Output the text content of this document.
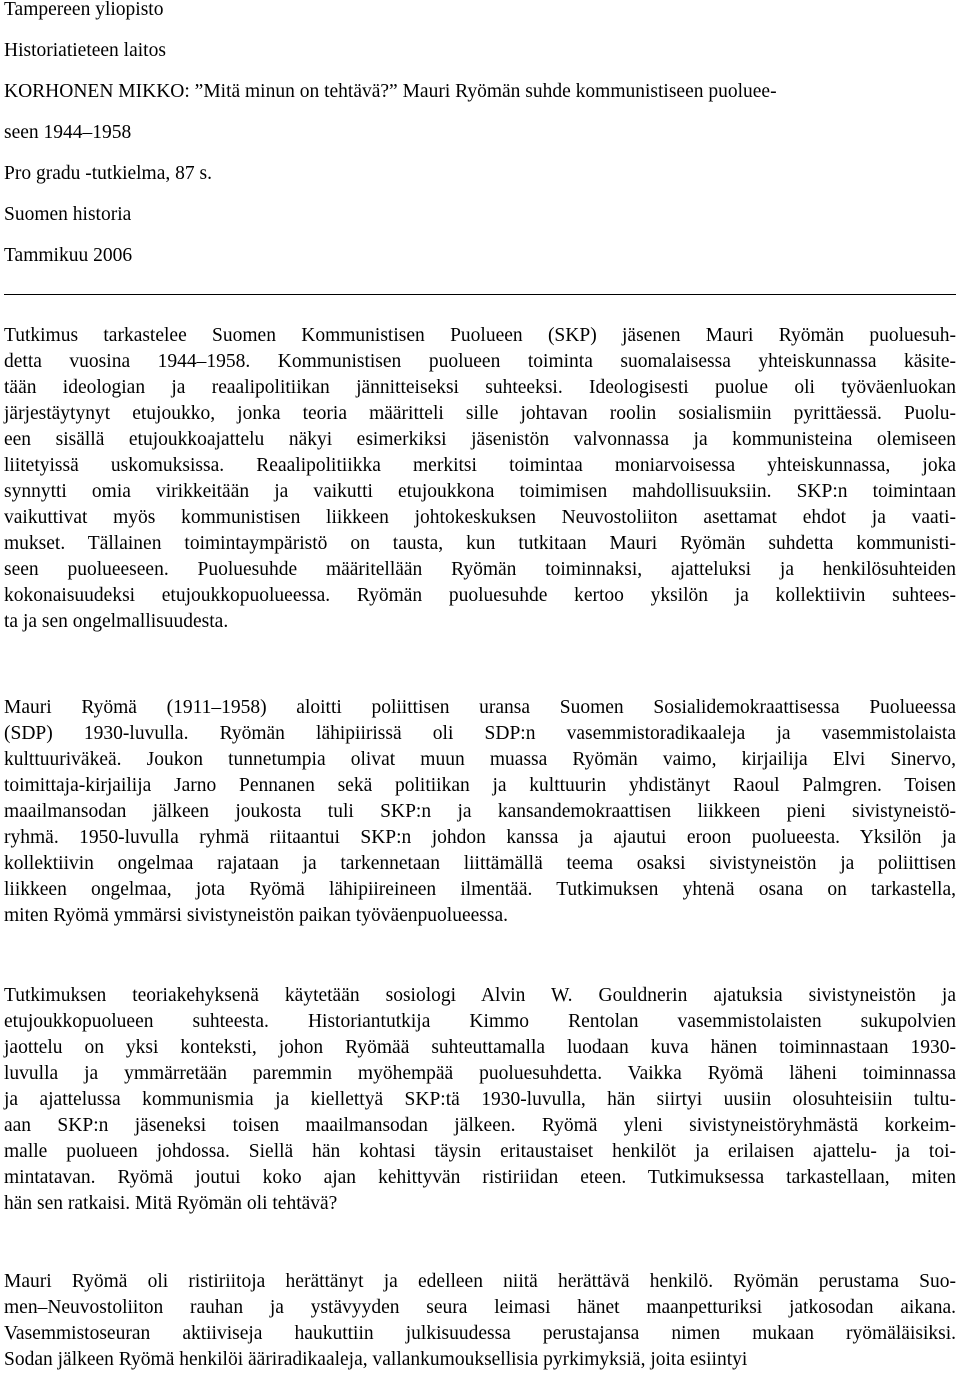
Tampereen yliopisto

Historiatieteen laitos

KORHONEN MIKKO: ”Mitä minun on tehtävä?” Mauri Ryömän suhde kommunistiseen puoluee-

seen 1944–1958

Pro gradu -tutkielma, 87 s.

Suomen historia

Tammikuu 2006

Tutkimus tarkastelee Suomen Kommunistisen Puolueen (SKP) jäsenen Mauri Ryömän puoluesuh-
detta vuosina 1944–1958. Kommunistisen puolueen toiminta suomalaisessa yhteiskunnassa käsite-
tään ideologian ja reaalipolitiikan jännitteiseksi suhteeksi. Ideologisesti puolue oli työväenluokan
järjestäytynyt etujoukko, jonka teoria määritteli sille johtavan roolin sosialismiin pyrittäessä. Puolu-
een sisällä etujoukkoajattelu näkyi esimerkiksi jäsenistön valvonnassa ja kommunisteina olemiseen
liitetyissä uskomuksissa. Reaalipolitiikka merkitsi toimintaa moniarvoisessa yhteiskunnassa, joka
synnytti omia virikkeitään ja vaikutti etujoukkona toimimisen mahdollisuuksiin. SKP:n toimintaan
vaikuttivat myös kommunistisen liikkeen johtokeskuksen Neuvostoliiton asettamat ehdot ja vaati-
mukset. Tällainen toimintaympäristö on tausta, kun tutkitaan Mauri Ryömän suhdetta kommunisti-
seen puolueeseen. Puoluesuhde määritellään Ryömän toiminnaksi, ajatteluksi ja henkilösuhteiden
kokonaisuudeksi etujoukkopuolueessa. Ryömän puoluesuhde kertoo yksilön ja kollektiivin suhtees-
ta ja sen ongelmallisuudesta.
Mauri Ryömä (1911–1958) aloitti poliittisen uransa Suomen Sosialidemokraattisessa Puolueessa
(SDP) 1930-luvulla. Ryömän lähipiirissä oli SDP:n vasemmistoradikaaleja ja vasemmistolaista
kulttuuriväkeä. Joukon tunnetumpia olivat muun muassa Ryömän vaimo, kirjailija Elvi Sinervo,
toimittaja-kirjailija Jarno Pennanen sekä politiikan ja kulttuurin yhdistänyt Raoul Palmgren. Toisen
maailmansodan jälkeen joukosta tuli SKP:n ja kansandemokraattisen liikkeen pieni sivistyneistö-
ryhmä. 1950-luvulla ryhmä riitaantui SKP:n johdon kanssa ja ajautui eroon puolueesta. Yksilön ja
kollektiivin ongelmaa rajataan ja tarkennetaan liittämällä teema osaksi sivistyneistön ja poliittisen
liikkeen ongelmaa, jota Ryömä lähipiireineen ilmentää. Tutkimuksen yhtenä osana on tarkastella,
miten Ryömä ymmärsi sivistyneistön paikan työväenpuolueessa.
Tutkimuksen teoriakehyksenä käytetään sosiologi Alvin W. Gouldnerin ajatuksia sivistyneistön ja
etujoukkopuolueen suhteesta. Historiantutkija Kimmo Rentolan vasemmistolaisten sukupolvien
jaottelu on yksi konteksti, johon Ryömää suhteuttamalla luodaan kuva hänen toiminnastaan 1930-
luvulla ja ymmärretään paremmin myöhempää puoluesuhdetta. Vaikka Ryömä läheni toiminnassa
ja ajattelussa kommunismia ja kiellettyä SKP:tä 1930-luvulla, hän siirtyi uusiin olosuhteisiin tultu-
aan SKP:n jäseneksi toisen maailmansodan jälkeen. Ryömä yleni sivistyneistöryhmästä korkeim-
malle puolueen johdossa. Siellä hän kohtasi täysin eritaustaiset henkilöt ja erilaisen ajattelu- ja toi-
mintatavan. Ryömä joutui koko ajan kehittyvän ristiriidan eteen. Tutkimuksessa tarkastellaan, miten
hän sen ratkaisi. Mitä Ryömän oli tehtävä?
Mauri Ryömä oli ristiriitoja herättänyt ja edelleen niitä herättävä henkilö. Ryömän perustama Suo-
men–Neuvostoliiton rauhan ja ystävyyden seura leimasi hänet maanpetturiksi jatkosodan aikana.
Vasemmistoseuran aktiiviseja haukuttiin julkisuudessa perustajansa nimen mukaan ryömäläisiksi.
Sodan jälkeen Ryömä henkilöi ääriradikaaleja, vallankumouksellisia pyrkimyksiä, joita esiintyi
